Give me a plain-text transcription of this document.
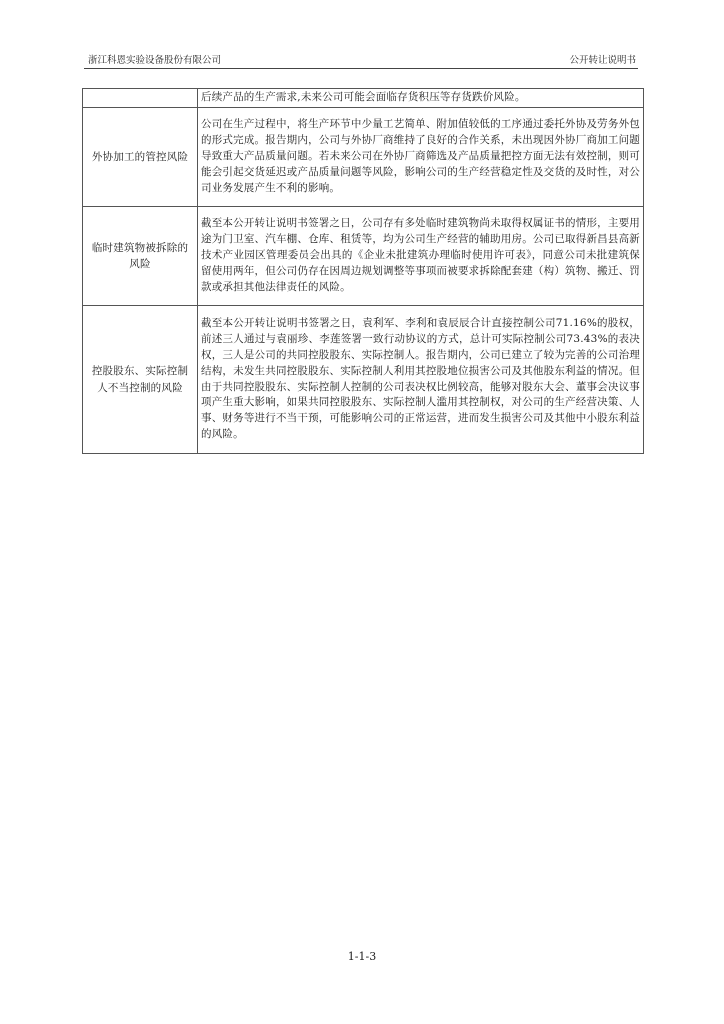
浙江科恩实验设备股份有限公司	公开转让说明书
	后续产品的生产需求,未来公司可能会面临存货积压等存货跌价风险。
外协加工的管控风险	公司在生产过程中，将生产环节中少量工艺简单、附加值较低的工序通过委托外协及劳务外包的形式完成。报告期内，公司与外协厂商维持了良好的合作关系，未出现因外协厂商加工问题导致重大产品质量问题。若未来公司在外协厂商筛选及产品质量把控方面无法有效控制，则可能会引起交货延迟或产品质量问题等风险，影响公司的生产经营稳定性及交货的及时性，对公司业务发展产生不利的影响。
临时建筑物被拆除的风险	截至本公开转让说明书签署之日，公司存有多处临时建筑物尚未取得权属证书的情形，主要用途为门卫室、汽车棚、仓库、租赁等，均为公司生产经营的辅助用房。公司已取得新昌县高新技术产业园区管理委员会出具的《企业未批建筑办理临时使用许可表》，同意公司未批建筑保留使用两年，但公司仍存在因周边规划调整等事项而被要求拆除配套建（构）筑物、搬迁、罚款或承担其他法律责任的风险。
控股股东、实际控制人不当控制的风险	截至本公开转让说明书签署之日，袁利军、李利和袁辰辰合计直接控制公司71.16%的股权，前述三人通过与袁丽珍、李莲签署一致行动协议的方式，总计可实际控制公司73.43%的表决权，三人是公司的共同控股股东、实际控制人。报告期内，公司已建立了较为完善的公司治理结构，未发生共同控股股东、实际控制人利用其控股地位损害公司及其他股东利益的情况。但由于共同控股股东、实际控制人控制的公司表决权比例较高，能够对股东大会、董事会决议事项产生重大影响，如果共同控股股东、实际控制人滥用其控制权，对公司的生产经营决策、人事、财务等进行不当干预，可能影响公司的正常运营，进而发生损害公司及其他中小股东利益的风险。
1-1-3
